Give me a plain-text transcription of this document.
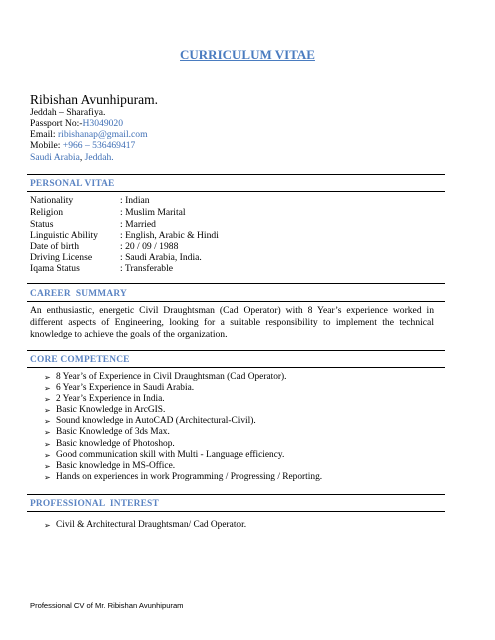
CURRICULUM VITAE
Ribishan Avunhipuram.
Jeddah – Sharafiya.
Passport No:-H3049020
Email: ribishanap@gmail.com
Mobile: +966 – 536469417
Saudi Arabia, Jeddah.
PERSONAL VITAE
Nationality	: Indian
Religion	: Muslim Marital
Status	: Married
Linguistic Ability : English, Arabic & Hindi
Date of birth	: 20 / 09 / 1988
Driving License	: Saudi Arabia, India.
Iqama Status	: Transferable
CAREER  SUMMARY
An enthusiastic, energetic Civil Draughtsman (Cad Operator) with 8 Year’s experience worked in different aspects of Engineering, looking for a suitable responsibility to implement the technical knowledge to achieve the goals of the organization.
CORE COMPETENCE
➢ 8 Year’s of Experience in Civil Draughtsman (Cad Operator).
➢ 6 Year’s Experience in Saudi Arabia.
➢ 2 Year’s Experience in India.
➢ Basic Knowledge in ArcGIS.
➢ Sound knowledge in AutoCAD (Architectural-Civil).
➢ Basic Knowledge of 3ds Max.
➢ Basic knowledge of Photoshop.
➢ Good communication skill with Multi - Language efficiency.
➢ Basic knowledge in MS-Office.
➢ Hands on experiences in work Programming / Progressing / Reporting.
PROFESSIONAL  INTEREST
➢ Civil & Architectural Draughtsman/ Cad Operator.
Professional CV of Mr. Ribishan Avunhipuram
